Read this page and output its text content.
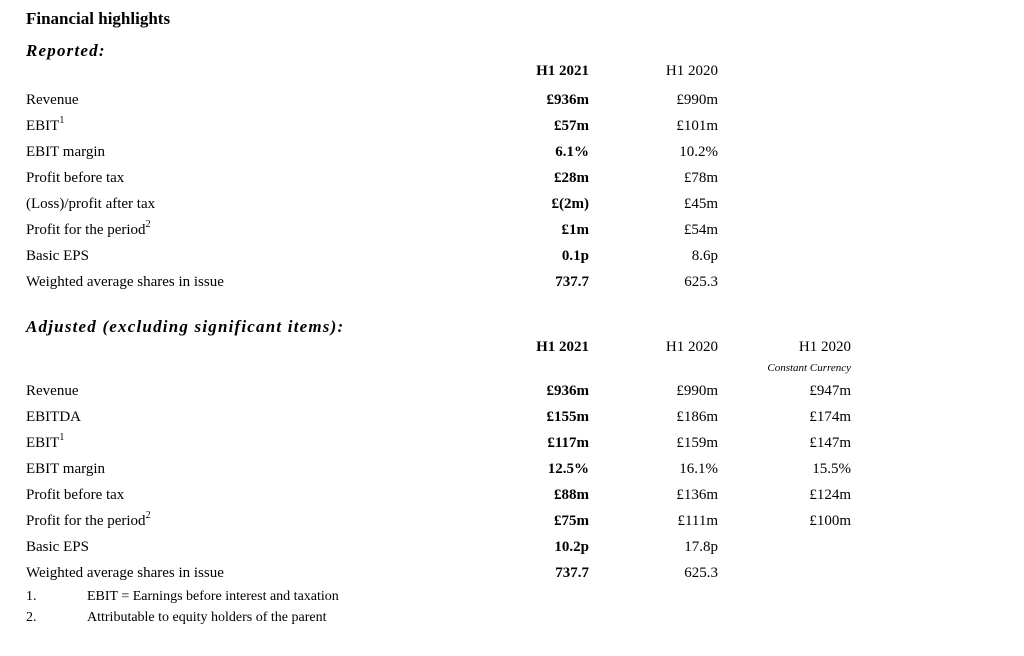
Financial highlights
Reported:
H1 2021	H1 2020
Revenue	£936m	£990m
EBIT$^1$	£57m	£101m
EBIT margin	6.1%	10.2%
Profit before tax	£28m	£78m
(Loss)/profit after tax	£(2m)	£45m
Profit for the period$^2$	£1m	£54m
Basic EPS	0.1p	8.6p
Weighted average shares in issue	737.7	625.3
Adjusted (excluding significant items):
H1 2021	H1 2020	H1 2020
Constant Currency
Revenue	£936m	£990m	£947m
EBITDA	£155m	£186m	£174m
EBIT$^1$	£117m	£159m	£147m
EBIT margin	12.5%	16.1%	15.5%
Profit before tax	£88m	£136m	£124m
Profit for the period$^2$	£75m	£111m	£100m
Basic EPS	10.2p	17.8p
Weighted average shares in issue	737.7	625.3
1.	EBIT = Earnings before interest and taxation
2.	Attributable to equity holders of the parent
